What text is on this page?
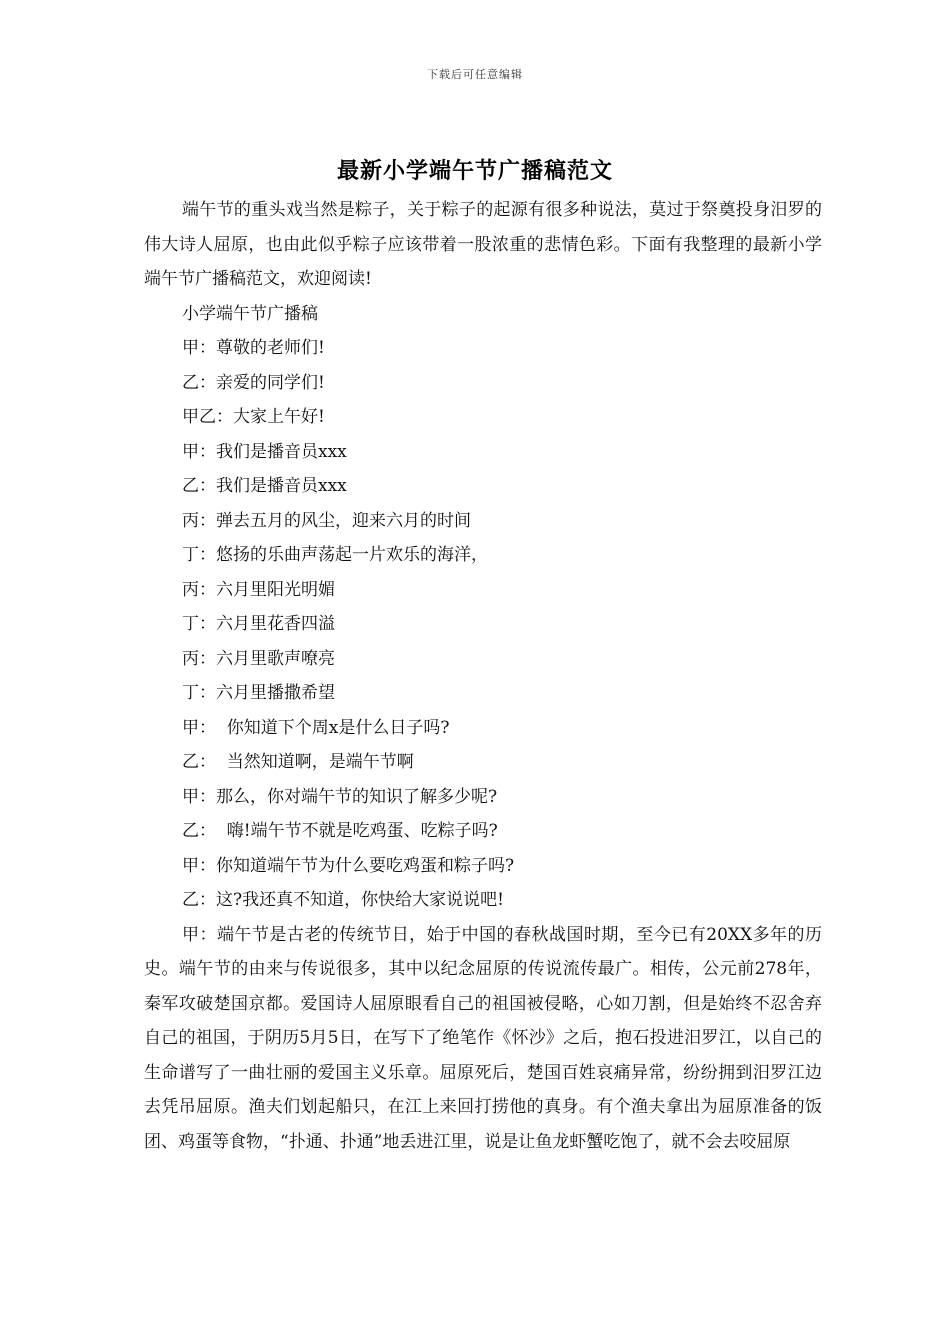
下载后可任意编辑
最新小学端午节广播稿范文

端午节的重头戏当然是粽子，关于粽子的起源有很多种说法，莫过于祭奠投身汨罗的伟大诗人屈原，也由此似乎粽子应该带着一股浓重的悲情色彩。下面有我整理的最新小学端午节广播稿范文，欢迎阅读!

小学端午节广播稿

甲：尊敬的老师们!

乙：亲爱的同学们!

甲乙：大家上午好!

甲：我们是播音员xxx

乙：我们是播音员xxx

丙：弹去五月的风尘，迎来六月的时间

丁：悠扬的乐曲声荡起一片欢乐的海洋，

丙：六月里阳光明媚

丁：六月里花香四溢

丙：六月里歌声嘹亮

丁：六月里播撒希望

甲：  你知道下个周x是什么日子吗?

乙：  当然知道啊，是端午节啊

甲：那么，你对端午节的知识了解多少呢?

乙：  嗨!端午节不就是吃鸡蛋、吃粽子吗?

甲：你知道端午节为什么要吃鸡蛋和粽子吗?

乙：这?我还真不知道，你快给大家说说吧!

甲：端午节是古老的传统节日，始于中国的春秋战国时期，至今已有20XX多年的历史。端午节的由来与传说很多，其中以纪念屈原的传说流传最广。相传，公元前278年，秦军攻破楚国京都。爱国诗人屈原眼看自己的祖国被侵略，心如刀割，但是始终不忍舍弃自己的祖国，于阴历5月5日，在写下了绝笔作《怀沙》之后，抱石投进汨罗江，以自己的生命谱写了一曲壮丽的爱国主义乐章。屈原死后，楚国百姓哀痛异常，纷纷拥到汨罗江边去凭吊屈原。渔夫们划起船只，在江上来回打捞他的真身。有个渔夫拿出为屈原准备的饭团、鸡蛋等食物，“扑通、扑通”地丢进江里，说是让鱼龙虾蟹吃饱了，就不会去咬屈原
